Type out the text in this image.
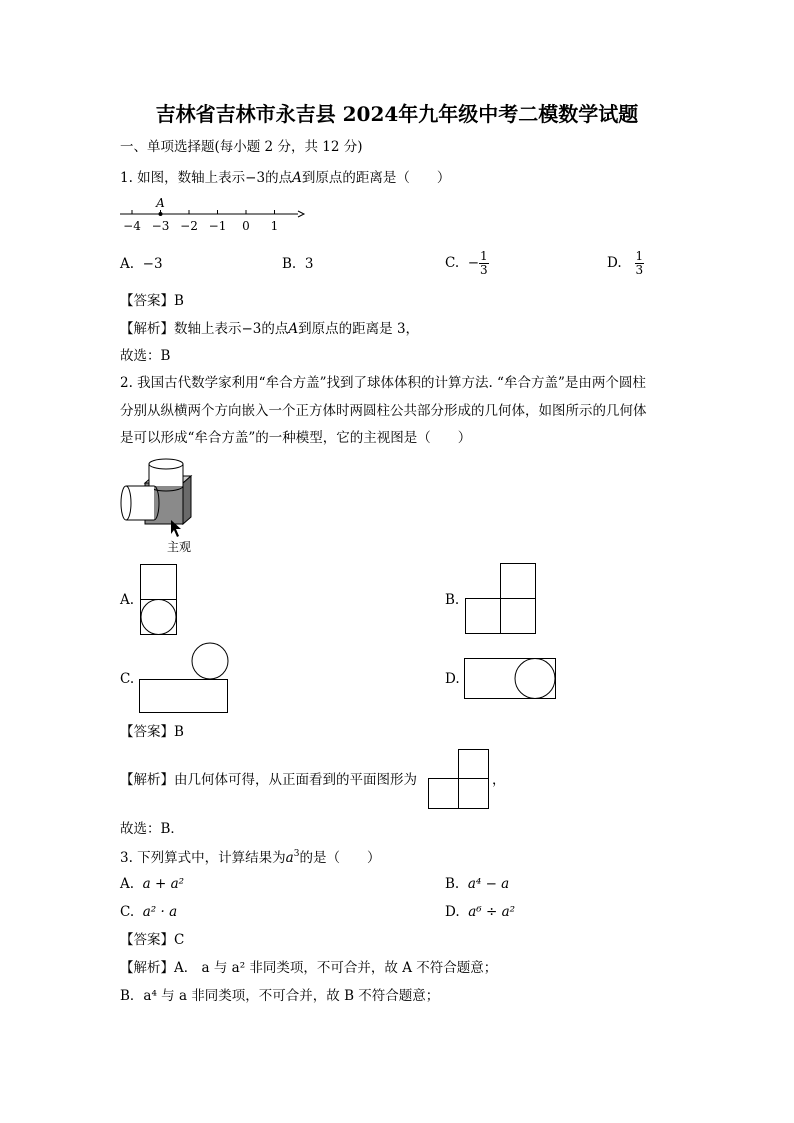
吉林省吉林市永吉县 2024年九年级中考二模数学试题
一、单项选择题(每小题 2 分，共 12 分)
1. 如图，数轴上表示−3的点A到原点的距离是（　　）
−4 −3 −2 −1 0 1
A
A. −3	B. 3	C. − $\frac{1}{3}$	D. $\frac{1}{3}$
【答案】B
【解析】数轴上表示−3的点A到原点的距离是 3，
故选：B
2. 我国古代数学家利用“牟合方盖”找到了球体体积的计算方法. “牟合方盖”是由两个圆柱
分别从纵横两个方向嵌入一个正方体时两圆柱公共部分形成的几何体，如图所示的几何体
是可以形成“牟合方盖”的一种模型，它的主视图是（　　）
主观
A.	B.
C.	D.
【答案】B
【解析】由几何体可得，从正面看到的平面图形为	，
故选：B．
3. 下列算式中，计算结果为$a^3$的是（　　）
A. a + a²	B. a⁴ − a
C. a² · a	D. a⁶ ÷ a²
【答案】C
【解析】A． a 与 a² 非同类项，不可合并，故 A 不符合题意；
B．a⁴ 与 a 非同类项，不可合并，故 B 不符合题意；
